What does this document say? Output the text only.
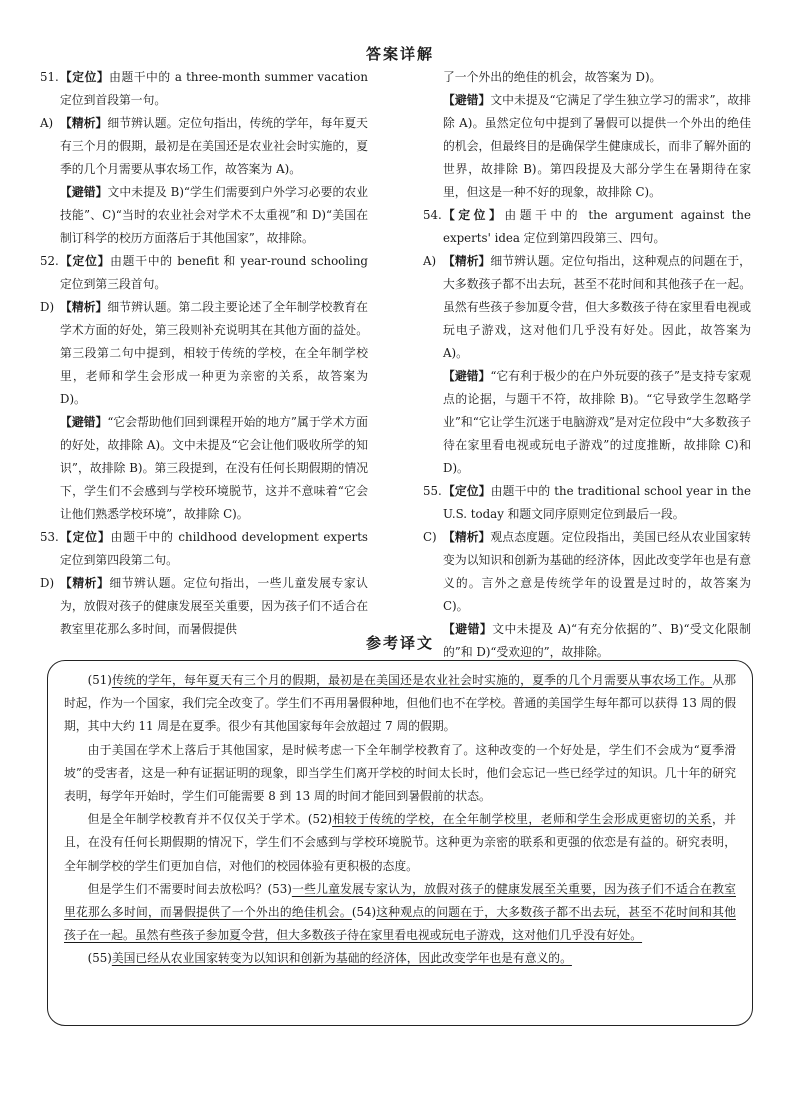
答案详解
51. 【定位】由题干中的 a three-month summer vacation 定位到首段第一句。
A) 【精析】细节辨认题。定位句指出，传统的学年，每年夏天有三个月的假期，最初是在美国还是农业社会时实施的，夏季的几个月需要从事农场工作，故答案为 A)。
【避错】文中未提及 B)“学生们需要到户外学习必要的农业技能”、C)“当时的农业社会对学术不太重视”和 D)“美国在制订科学的校历方面落后于其他国家”，故排除。
52. 【定位】由题干中的 benefit 和 year-round schooling 定位到第三段首句。
D) 【精析】细节辨认题。第二段主要论述了全年制学校教育在学术方面的好处，第三段则补充说明其在其他方面的益处。第三段第二句中提到，相较于传统的学校，在全年制学校里，老师和学生会形成一种更为亲密的关系，故答案为 D)。
【避错】“它会帮助他们回到课程开始的地方”属于学术方面的好处，故排除 A)。文中未提及“它会让他们吸收所学的知识”，故排除 B)。第三段提到，在没有任何长期假期的情况下，学生们不会感到与学校环境脱节，这并不意味着“它会让他们熟悉学校环境”，故排除 C)。
53. 【定位】由题干中的 childhood development experts 定位到第四段第二句。
D) 【精析】细节辨认题。定位句指出，一些儿童发展专家认为，放假对孩子的健康发展至关重要，因为孩子们不适合在教室里花那么多时间，而暑假提供
了一个外出的绝佳的机会，故答案为 D)。
【避错】文中未提及“它满足了学生独立学习的需求”，故排除 A)。虽然定位句中提到了暑假可以提供一个外出的绝佳的机会，但最终目的是确保学生健康成长，而非了解外面的世界，故排除 B)。第四段提及大部分学生在暑期待在家里，但这是一种不好的现象，故排除 C)。
54. 【定位】由题干中的 the argument against the experts' idea 定位到第四段第三、四句。
A) 【精析】细节辨认题。定位句指出，这种观点的问题在于，大多数孩子都不出去玩，甚至不花时间和其他孩子在一起。虽然有些孩子参加夏令营，但大多数孩子待在家里看电视或玩电子游戏，这对他们几乎没有好处。因此，故答案为 A)。
【避错】“它有利于极少的在户外玩耍的孩子”是支持专家观点的论据，与题干不符，故排除 B)。“它导致学生忽略学业”和“它让学生沉迷于电脑游戏”是对定位段中“大多数孩子待在家里看电视或玩电子游戏”的过度推断，故排除 C)和 D)。
55. 【定位】由题干中的 the traditional school year in the U.S. today 和题文同序原则定位到最后一段。
C) 【精析】观点态度题。定位段指出，美国已经从农业国家转变为以知识和创新为基础的经济体，因此改变学年也是有意义的。言外之意是传统学年的设置是过时的，故答案为 C)。
【避错】文中未提及 A)“有充分依据的”、B)“受文化限制的”和 D)“受欢迎的”，故排除。
参考译文

(51)传统的学年，每年夏天有三个月的假期，最初是在美国还是农业社会时实施的，夏季的几个月需要从事农场工作。从那时起，作为一个国家，我们完全改变了。学生们不再用暑假种地，但他们也不在学校。普通的美国学生每年都可以获得 13 周的假期，其中大约 11 周是在夏季。很少有其他国家每年会放超过 7 周的假期。

由于美国在学术上落后于其他国家，是时候考虑一下全年制学校教育了。这种改变的一个好处是，学生们不会成为“夏季滑坡”的受害者，这是一种有证据证明的现象，即当学生们离开学校的时间太长时，他们会忘记一些已经学过的知识。几十年的研究表明，每学年开始时，学生们可能需要 8 到 13 周的时间才能回到暑假前的状态。

但是全年制学校教育并不仅仅关于学术。(52)相较于传统的学校，在全年制学校里，老师和学生会形成更密切的关系，并且，在没有任何长期假期的情况下，学生们不会感到与学校环境脱节。这种更为亲密的联系和更强的依恋是有益的。研究表明，全年制学校的学生们更加自信，对他们的校园体验有更积极的态度。

但是学生们不需要时间去放松吗？(53)一些儿童发展专家认为，放假对孩子的健康发展至关重要，因为孩子们不适合在教室里花那么多时间，而暑假提供了一个外出的绝佳机会。(54)这种观点的问题在于，大多数孩子都不出去玩，甚至不花时间和其他孩子在一起。虽然有些孩子参加夏令营，但大多数孩子待在家里看电视或玩电子游戏，这对他们几乎没有好处。

(55)美国已经从农业国家转变为以知识和创新为基础的经济体，因此改变学年也是有意义的。
